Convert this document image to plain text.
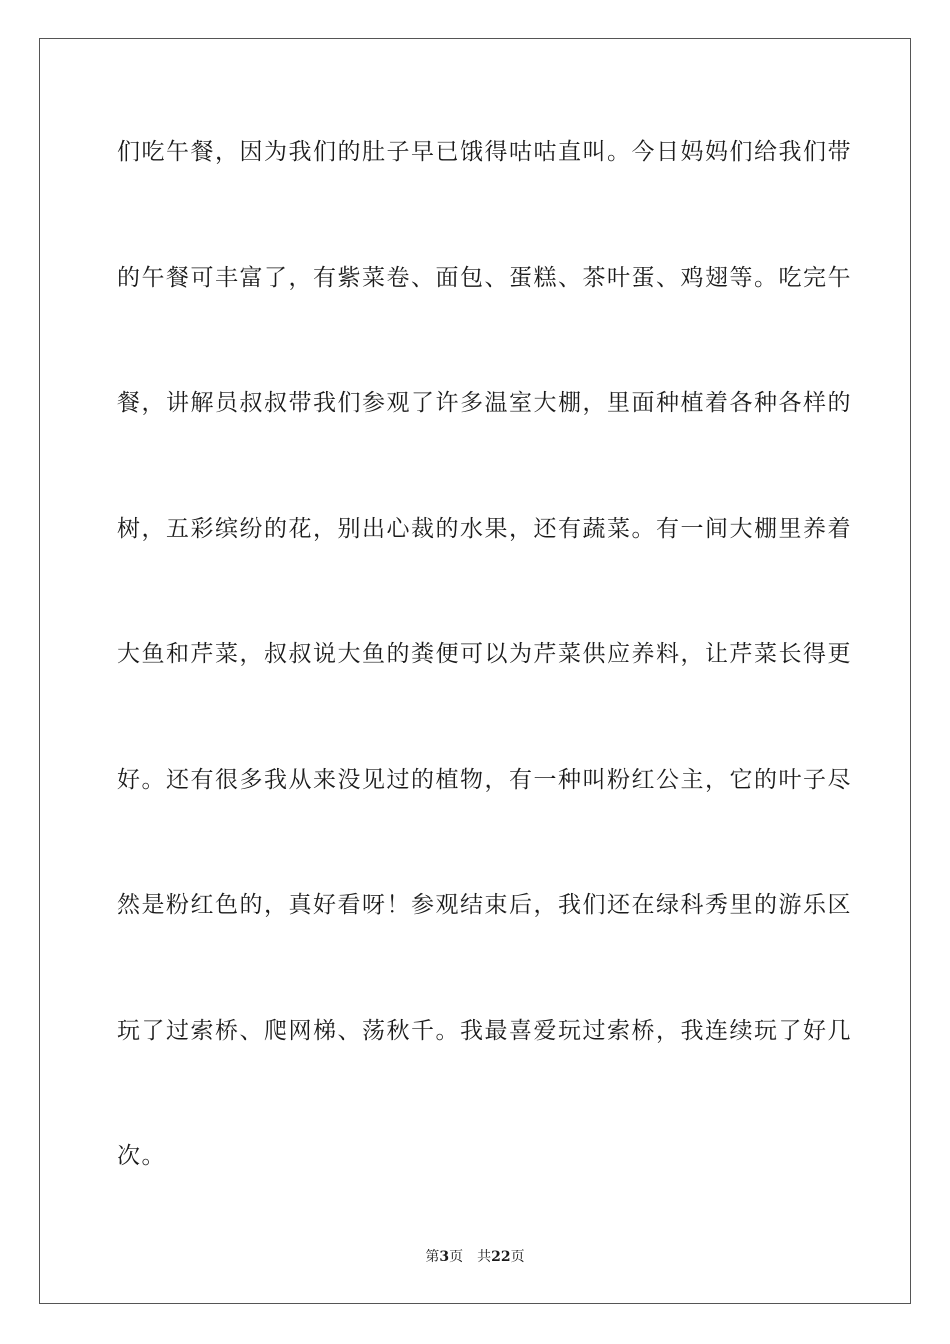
们吃午餐，因为我们的肚子早已饿得咕咕直叫。今日妈妈们给我们带
的午餐可丰富了，有紫菜卷、面包、蛋糕、茶叶蛋、鸡翅等。吃完午
餐，讲解员叔叔带我们参观了许多温室大棚，里面种植着各种各样的
树，五彩缤纷的花，别出心裁的水果，还有蔬菜。有一间大棚里养着
大鱼和芹菜，叔叔说大鱼的粪便可以为芹菜供应养料，让芹菜长得更
好。还有很多我从来没见过的植物，有一种叫粉红公主，它的叶子尽
然是粉红色的，真好看呀！参观结束后，我们还在绿科秀里的游乐区
玩了过索桥、爬网梯、荡秋千。我最喜爱玩过索桥，我连续玩了好几
次。
第3页 共22页
